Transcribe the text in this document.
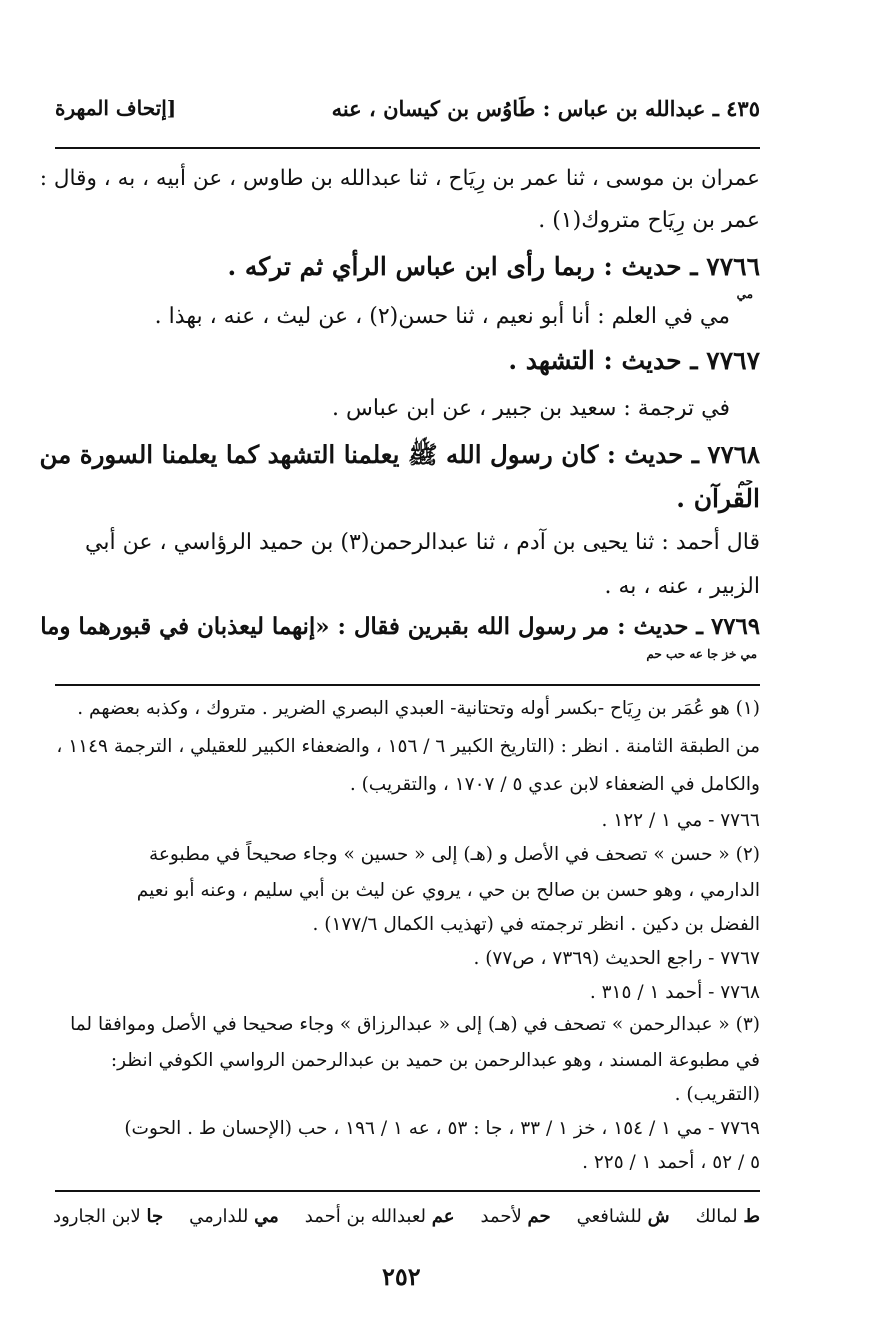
٤٣٥ ـ عبدالله بن عباس : طَاوُس بن كيسان ، عنه
[إتحاف المهرة
عمران بن موسى ، ثنا عمر بن رِيَاح ، ثنا عبدالله بن طاوس ، عن أبيه ، به ، وقال :
عمر بن رِيَاح متروك(١) .
٧٧٦٦ ـ حديث : ربما رأى ابن عباس الرأي ثم تركه .
مي
مي في العلم : أنا أبو نعيم ، ثنا حسن(٢) ، عن ليث ، عنه ، بهذا .
٧٧٦٧ ـ حديث : التشهد .
في ترجمة : سعيد بن جبير ، عن ابن عباس .
٧٧٦٨ ـ حديث : كان رسول الله ﷺ يعلمنا التشهد كما يعلمنا السورة من
حم
القرآن .
قال أحمد : ثنا يحيى بن آدم ، ثنا عبدالرحمن(٣) بن حميد الرؤاسي ، عن أبي
الزبير ، عنه ، به .
٧٧٦٩ ـ حديث : مر رسول الله بقبرين فقال : «إنهما ليعذبان في قبورهما وما
مي خز جا عه حب حم
(١) هو عُمَر بن رِيَاح -بكسر أوله وتحتانية- العبدي البصري الضرير . متروك ، وكذبه بعضهم .
من الطبقة الثامنة . انظر : (التاريخ الكبير ٦ / ١٥٦ ، والضعفاء الكبير للعقيلي ، الترجمة ١١٤٩ ،
والكامل في الضعفاء لابن عدي ٥ / ١٧٠٧ ، والتقريب) .
٧٧٦٦ - مي ١ / ١٢٢ .
(٢) « حسن » تصحف في الأصل و (هـ) إلى « حسين » وجاء صحيحاً في مطبوعة
الدارمي ، وهو حسن بن صالح بن حي ، يروي عن ليث بن أبي سليم ، وعنه أبو نعيم
الفضل بن دكين . انظر ترجمته في (تهذيب الكمال ١٧٧/٦) .
٧٧٦٧ - راجع الحديث (٧٣٦٩ ، ص٧٧) .
٧٧٦٨ - أحمد ١ / ٣١٥ .
(٣) « عبدالرحمن » تصحف في (هـ) إلى « عبدالرزاق » وجاء صحيحا في الأصل وموافقا لما
في مطبوعة المسند ، وهو عبدالرحمن بن حميد بن عبدالرحمن الرواسي الكوفي انظر:
(التقريب) .
٧٧٦٩ - مي ١ / ١٥٤ ، خز ١ / ٣٣ ، جا : ٥٣ ، عه ١ / ١٩٦ ، حب (الإحسان ط . الحوت)
٥ / ٥٢ ، أحمد ١ / ٢٢٥ .
ط لمالك
ش للشافعي
حم لأحمد
عم لعبدالله بن أحمد
مي للدارمي
جا لابن الجارود
٢٥٢
